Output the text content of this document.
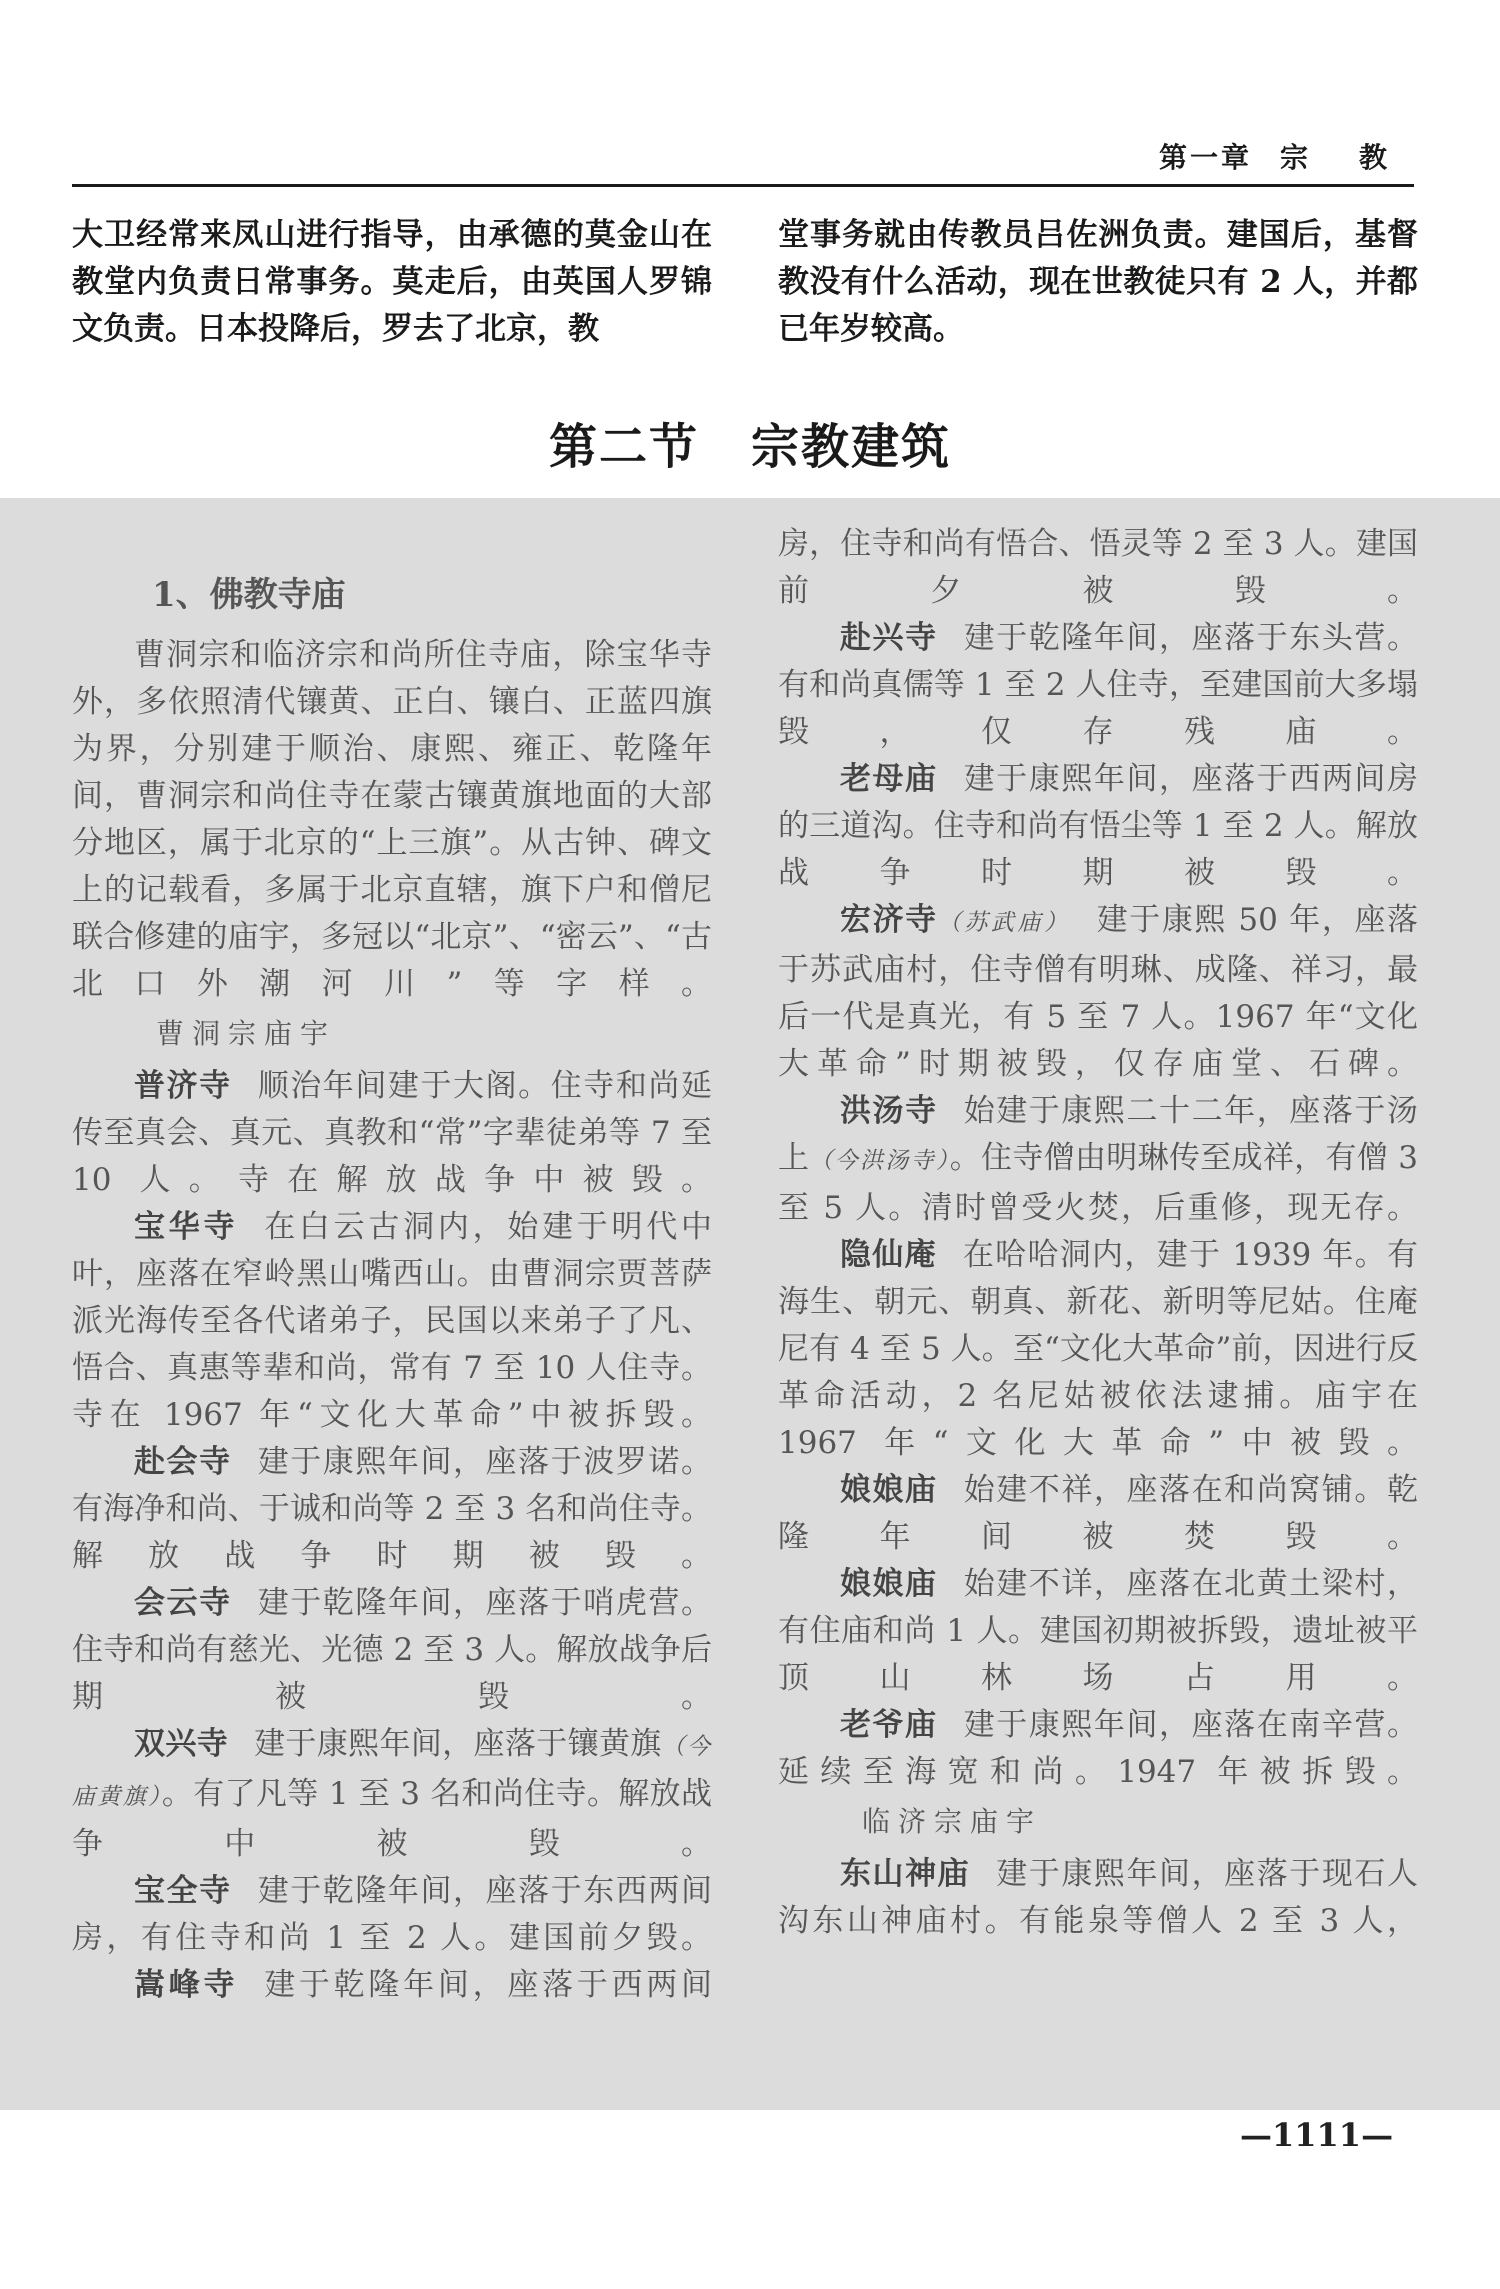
第一章 宗 教

大卫经常来凤山进行指导，由承德的莫金山在教堂内负责日常事务。莫走后，由英国人罗锦文负责。日本投降后，罗去了北京，教

堂事务就由传教员吕佐洲负责。建国后，基督教没有什么活动，现在世教徒只有 2 人，并都已年岁较高。

第二节 宗教建筑
1、佛教寺庙

曹洞宗和临济宗和尚所住寺庙，除宝华寺外，多依照清代镶黄、正白、镶白、正蓝四旗为界，分别建于顺治、康熙、雍正、乾隆年间，曹洞宗和尚住寺在蒙古镶黄旗地面的大部分地区，属于北京的“上三旗”。从古钟、碑文上的记载看，多属于北京直辖，旗下户和僧尼联合修建的庙宇，多冠以“北京”、“密云”、“古北口外潮河川”等字样。

曹洞宗庙宇

普济寺 顺治年间建于大阁。住寺和尚延传至真会、真元、真教和“常”字辈徒弟等 7 至 10 人。寺在解放战争中被毁。

宝华寺 在白云古洞内，始建于明代中叶，座落在窄岭黑山嘴西山。由曹洞宗贾菩萨派光海传至各代诸弟子，民国以来弟子了凡、悟合、真惠等辈和尚，常有 7 至 10 人住寺。寺在 1967 年“文化大革命”中被拆毁。

赴会寺 建于康熙年间，座落于波罗诺。有海净和尚、于诚和尚等 2 至 3 名和尚住寺。解放战争时期被毁。

会云寺 建于乾隆年间，座落于哨虎营。住寺和尚有慈光、光德 2 至 3 人。解放战争后期被毁。

双兴寺 建于康熙年间，座落于镶黄旗（今庙黄旗）。有了凡等 1 至 3 名和尚住寺。解放战争中被毁。

宝全寺 建于乾隆年间，座落于东西两间房，有住寺和尚 1 至 2 人。建国前夕毁。

嵩峰寺 建于乾隆年间，座落于西两间

房，住寺和尚有悟合、悟灵等 2 至 3 人。建国前夕被毁。

赴兴寺 建于乾隆年间，座落于东头营。有和尚真儒等 1 至 2 人住寺，至建国前大多塌毁，仅存残庙。

老母庙 建于康熙年间，座落于西两间房的三道沟。住寺和尚有悟尘等 1 至 2 人。解放战争时期被毁。

宏济寺（苏武庙） 建于康熙 50 年，座落于苏武庙村，住寺僧有明琳、成隆、祥习，最后一代是真光，有 5 至 7 人。1967 年“文化大革命”时期被毁，仅存庙堂、石碑。

洪汤寺 始建于康熙二十二年，座落于汤上（今洪汤寺）。住寺僧由明琳传至成祥，有僧 3 至 5 人。清时曾受火焚，后重修，现无存。

隐仙庵 在哈哈洞内，建于 1939 年。有海生、朝元、朝真、新花、新明等尼姑。住庵尼有 4 至 5 人。至“文化大革命”前，因进行反革命活动，2 名尼姑被依法逮捕。庙宇在 1967 年“文化大革命”中被毁。

娘娘庙 始建不祥，座落在和尚窝铺。乾隆年间被焚毁。

娘娘庙 始建不详，座落在北黄土梁村，有住庙和尚 1 人。建国初期被拆毁，遗址被平顶山林场占用。

老爷庙 建于康熙年间，座落在南辛营。延续至海宽和尚。1947 年被拆毁。

临济宗庙宇

东山神庙 建于康熙年间，座落于现石人沟东山神庙村。有能泉等僧人 2 至 3 人，

—1111—
